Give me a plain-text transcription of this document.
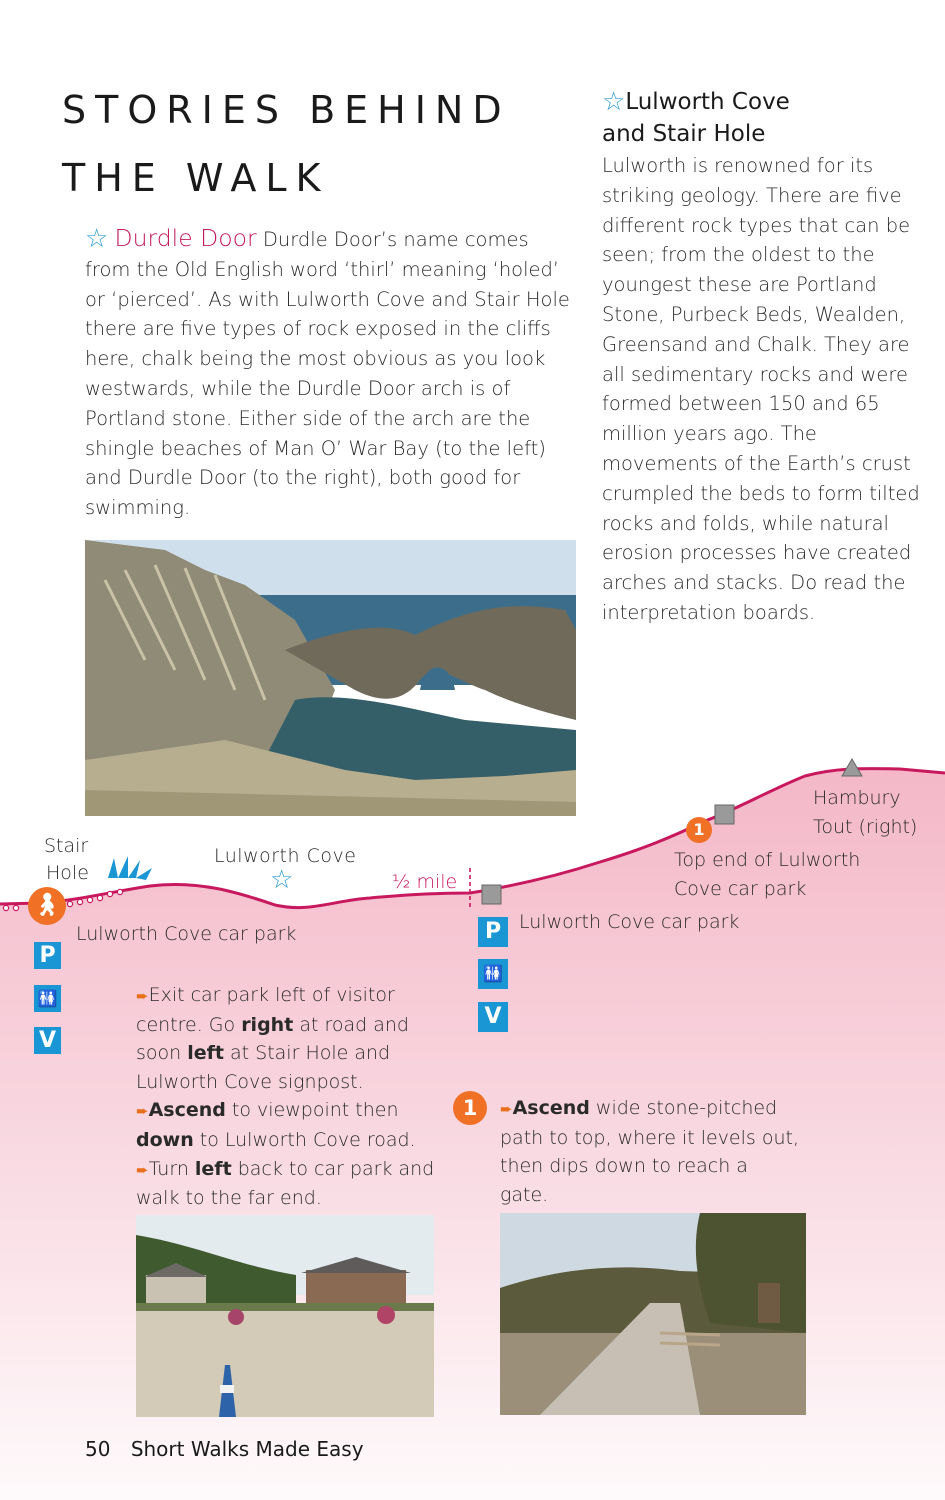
STORIES BEHIND
THE WALK
☆ Durdle Door Durdle Door’s name comes from the Old English word ‘thirl’ meaning ‘holed’ or ‘pierced’. As with Lulworth Cove and Stair Hole there are five types of rock exposed in the cliffs here, chalk being the most obvious as you look westwards, while the Durdle Door arch is of Portland stone. Either side of the arch are the shingle beaches of Man O’ War Bay (to the left) and Durdle Door (to the right), both good for swimming.
☆Lulworth Cove
and Stair Hole
Lulworth is renowned for its striking geology. There are five different rock types that can be seen; from the oldest to the youngest these are Portland Stone, Purbeck Beds, Wealden, Greensand and Chalk. They are all sedimentary rocks and were formed between 150 and 65 million years ago. The movements of the Earth’s crust crumpled the beds to form tilted rocks and folds, while natural erosion processes have created arches and stacks. Do read the interpretation boards.
Stair
Hole
Lulworth Cove
☆	½ mile
Lulworth Cove car park
Lulworth Cove car park
Top end of Lulworth
Cove car park
Hambury
Tout (right)
🚶︎
1
P
🚻
V
P
🚻
V
➨Exit car park left of visitor centre. Go right at road and soon left at Stair Hole and Lulworth Cove signpost.
➨Ascend to viewpoint then down to Lulworth Cove road.
➨Turn left back to car park and walk to the far end.
1	➨Ascend wide stone-pitched path to top, where it levels out, then dips down to reach a gate.
50 Short Walks Made Easy
